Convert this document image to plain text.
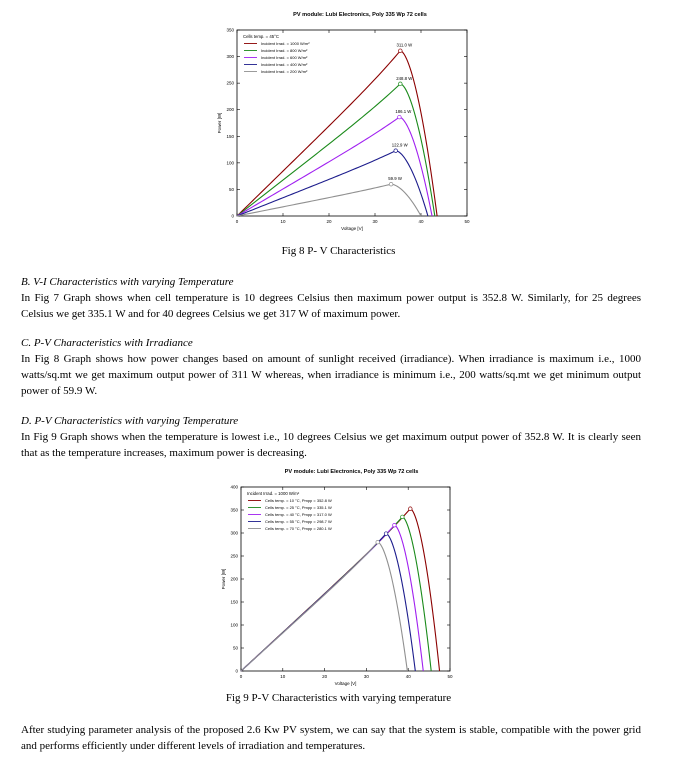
PV module: Lubi Electronics, Poly 335 Wp 72 cells
0	10	20	30	40	50
0
50
100
150
200
250
300
350
Voltage [V]
Power [W]
Cells temp. = 45°C
Incident Irrad. = 1000 W/m²
Incident Irrad. = 800 W/m²
Incident Irrad. = 600 W/m²
Incident Irrad. = 400 W/m²
Incident Irrad. = 200 W/m²
311.0 W
248.8 W
186.1 W
122.9 W
59.9 W
Fig 8 P- V Characteristics
B. V-I Characteristics with varying Temperature
In Fig 7 Graph shows when cell temperature is 10 degrees Celsius then maximum power output is 352.8 W. Similarly, for 25 degrees Celsius we get 335.1 W and for 40 degrees Celsius we get 317 W of maximum power.
C. P-V Characteristics with Irradiance
In Fig 8 Graph shows how power changes based on amount of sunlight received (irradiance). When irradiance is maximum i.e., 1000 watts/sq.mt we get maximum output power of 311 W whereas, when irradiance is minimum i.e., 200 watts/sq.mt we get minimum output power of 59.9 W.
D. P-V Characteristics with varying Temperature
In Fig 9 Graph shows when the temperature is lowest i.e., 10 degrees Celsius we get maximum output power of 352.8 W. It is clearly seen that as the temperature increases, maximum power is decreasing.
PV module: Lubi Electronics, Poly 335 Wp 72 cells
0	10	20	30	40	50
0
50
100
150
200
250
300
350
400
Voltage [V]
Power [W]
Incident Irrad. = 1000 W/m²
Cells temp. = 10 °C, Pmpp = 352.8 W
Cells temp. = 25 °C, Pmpp = 335.1 W
Cells temp. = 40 °C, Pmpp = 317.0 W
Cells temp. = 55 °C, Pmpp = 298.7 W
Cells temp. = 70 °C, Pmpp = 280.1 W
Fig 9 P-V Characteristics with varying temperature
After studying parameter analysis of the proposed 2.6 Kw PV system, we can say that the system is stable, compatible with the power grid and performs efficiently under different levels of irradiation and temperatures.
